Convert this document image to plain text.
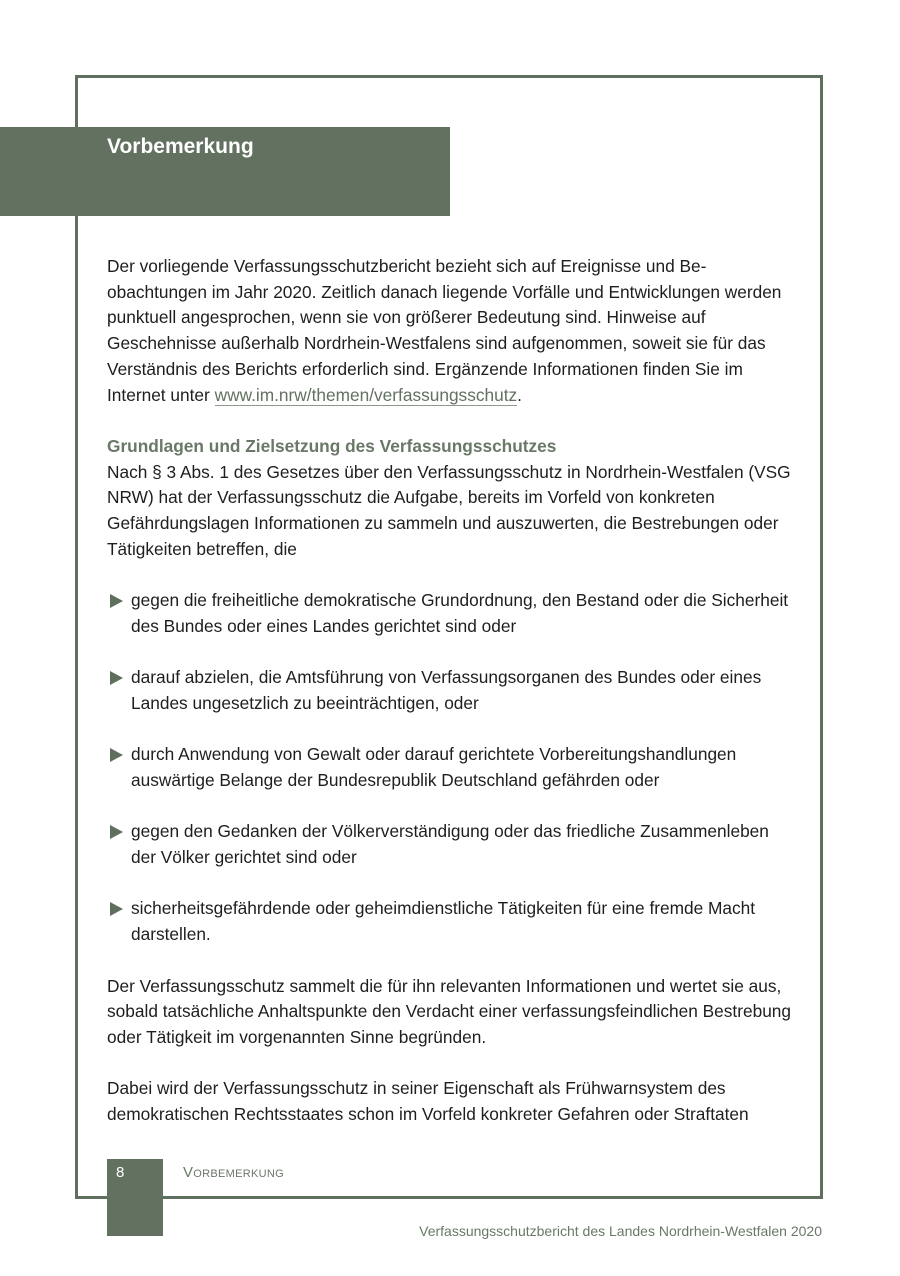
Vorbemerkung

Der vorliegende Verfassungsschutzbericht bezieht sich auf Ereignisse und Beobachtungen im Jahr 2020. Zeitlich danach liegende Vorfälle und Entwicklungen werden punktuell angesprochen, wenn sie von größerer Bedeutung sind. Hinweise auf Geschehnisse außerhalb Nordrhein-Westfalens sind aufgenommen, soweit sie für das Verständnis des Berichts erforderlich sind. Ergänzende Informationen finden Sie im Internet unter www.im.nrw/themen/verfassungsschutz.

Grundlagen und Zielsetzung des Verfassungsschutzes

Nach § 3 Abs. 1 des Gesetzes über den Verfassungsschutz in Nordrhein-Westfalen (VSG NRW) hat der Verfassungsschutz die Aufgabe, bereits im Vorfeld von konkreten Gefährdungslagen Informationen zu sammeln und auszuwerten, die Bestrebungen oder Tätigkeiten betreffen, die

gegen die freiheitliche demokratische Grundordnung, den Bestand oder die Sicherheit des Bundes oder eines Landes gerichtet sind oder
darauf abzielen, die Amtsführung von Verfassungsorganen des Bundes oder eines Landes ungesetzlich zu beeinträchtigen, oder
durch Anwendung von Gewalt oder darauf gerichtete Vorbereitungshandlungen auswärtige Belange der Bundesrepublik Deutschland gefährden oder
gegen den Gedanken der Völkerverständigung oder das friedliche Zusammenleben der Völker gerichtet sind oder
sicherheitsgefährdende oder geheimdienstliche Tätigkeiten für eine fremde Macht darstellen.

Der Verfassungsschutz sammelt die für ihn relevanten Informationen und wertet sie aus, sobald tatsächliche Anhaltspunkte den Verdacht einer verfassungsfeindlichen Bestrebung oder Tätigkeit im vorgenannten Sinne begründen.

Dabei wird der Verfassungsschutz in seiner Eigenschaft als Frühwarnsystem des demokratischen Rechtsstaates schon im Vorfeld konkreter Gefahren oder Straftaten

8	Vorbemerkung
Verfassungsschutzbericht des Landes Nordrhein-Westfalen 2020
